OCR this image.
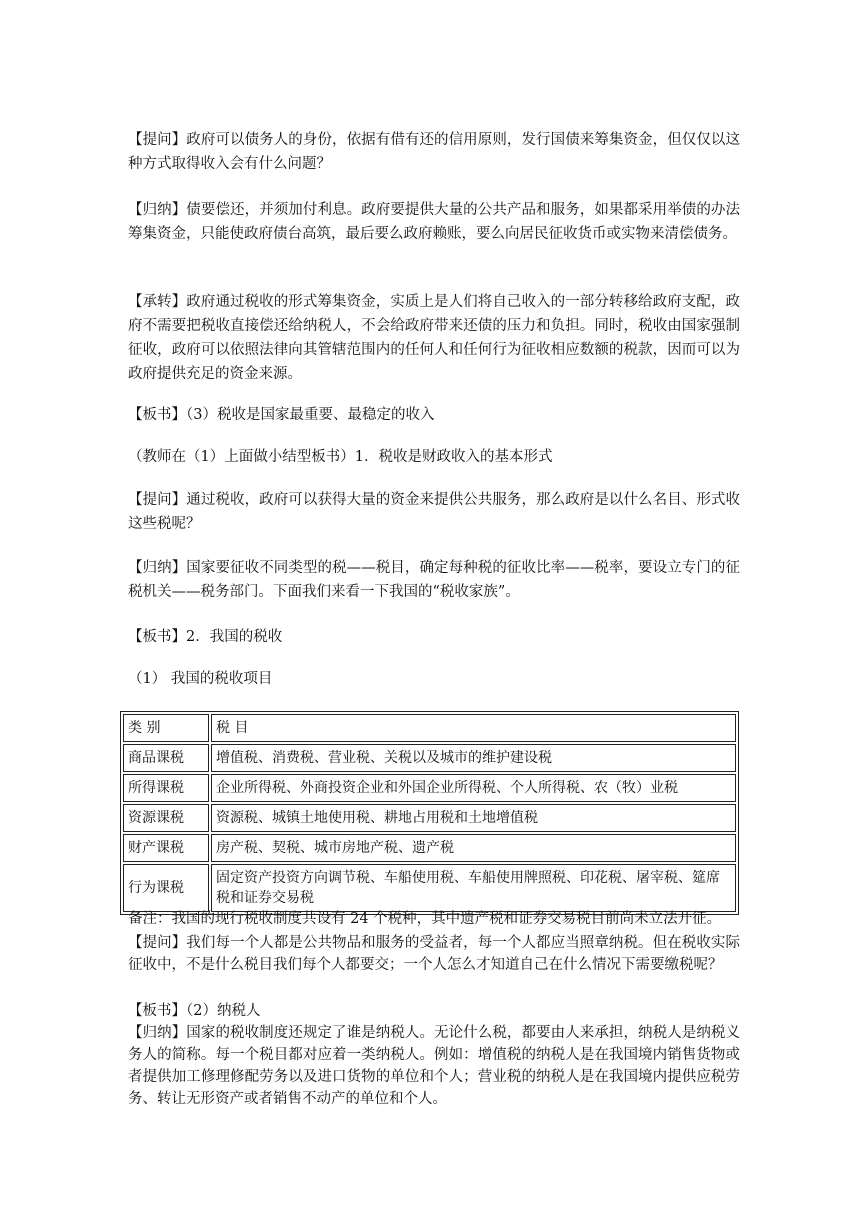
【提问】政府可以债务人的身份，依据有借有还的信用原则，发行国债来筹集资金，但仅仅以这种方式取得收入会有什么问题？

【归纳】债要偿还，并须加付利息。政府要提供大量的公共产品和服务，如果都采用举债的办法筹集资金，只能使政府债台高筑，最后要么政府赖账，要么向居民征收货币或实物来清偿债务。

【承转】政府通过税收的形式筹集资金，实质上是人们将自己收入的一部分转移给政府支配，政府不需要把税收直接偿还给纳税人，不会给政府带来还债的压力和负担。同时，税收由国家强制征收，政府可以依照法律向其管辖范围内的任何人和任何行为征收相应数额的税款，因而可以为政府提供充足的资金来源。

【板书】（3）税收是国家最重要、最稳定的收入

（教师在（1）上面做小结型板书）1．税收是财政收入的基本形式

【提问】通过税收，政府可以获得大量的资金来提供公共服务，那么政府是以什么名目、形式收这些税呢？

【归纳】国家要征收不同类型的税——税目，确定每种税的征收比率——税率，要设立专门的征税机关——税务部门。下面我们来看一下我国的“税收家族”。

【板书】2．我国的税收

（1） 我国的税收项目

类 别	税 目
商品课税	增值税、消费税、营业税、关税以及城市的维护建设税
所得课税	企业所得税、外商投资企业和外国企业所得税、个人所得税、农（牧）业税
资源课税	资源税、城镇土地使用税、耕地占用税和土地增值税
财产课税	房产税、契税、城市房地产税、遗产税
行为课税	固定资产投资方向调节税、车船使用税、车船使用牌照税、印花税、屠宰税、筵席税和证券交易税

备注：我国的现行税收制度共设有 24 个税种，其中遗产税和证券交易税目前尚未立法开征。

【提问】我们每一个人都是公共物品和服务的受益者，每一个人都应当照章纳税。但在税收实际征收中，不是什么税目我们每个人都要交；一个人怎么才知道自己在什么情况下需要缴税呢？

【板书】（2）纳税人

【归纳】国家的税收制度还规定了谁是纳税人。无论什么税，都要由人来承担，纳税人是纳税义务人的简称。每一个税目都对应着一类纳税人。例如：增值税的纳税人是在我国境内销售货物或者提供加工修理修配劳务以及进口货物的单位和个人；营业税的纳税人是在我国境内提供应税劳务、转让无形资产或者销售不动产的单位和个人。
